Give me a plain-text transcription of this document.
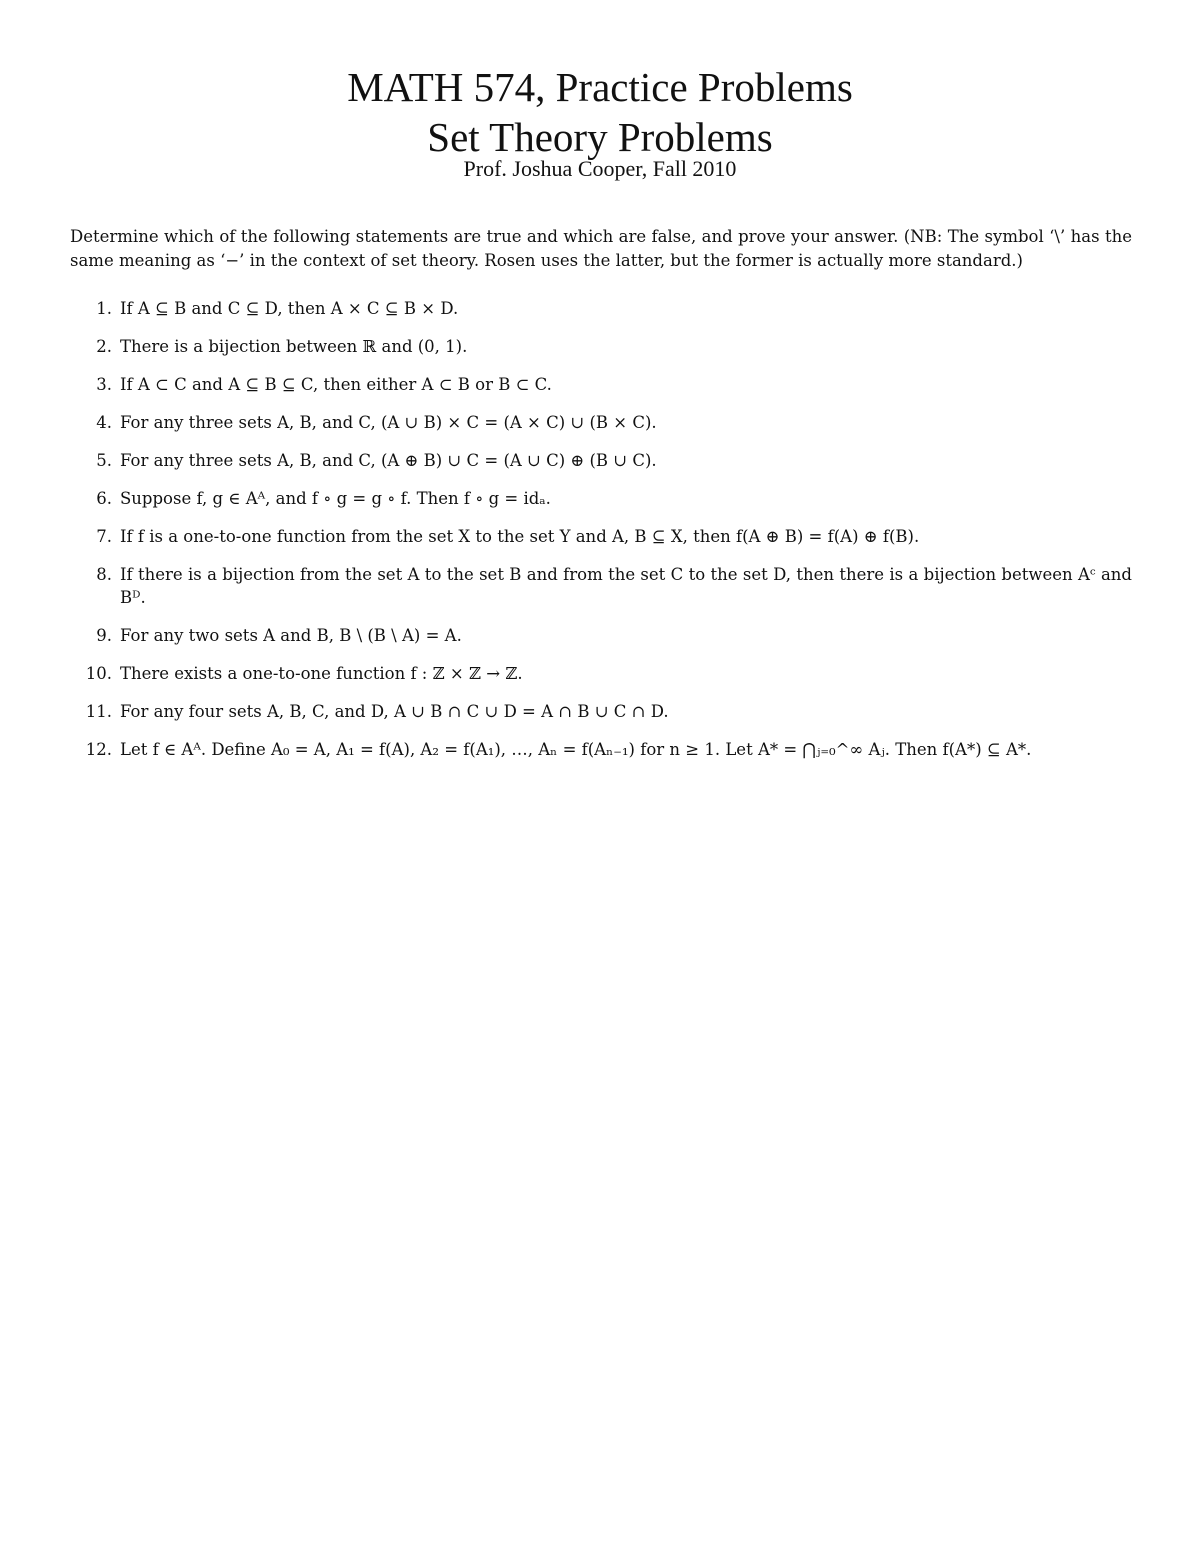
MATH 574, Practice Problems
Set Theory Problems
Prof. Joshua Cooper, Fall 2010

Determine which of the following statements are true and which are false, and prove your answer. (NB: The symbol ‘\’ has the same meaning as ‘−’ in the context of set theory. Rosen uses the latter, but the former is actually more standard.)

1. If A ⊆ B and C ⊆ D, then A × C ⊆ B × D.
2. There is a bijection between ℝ and (0, 1).
3. If A ⊂ C and A ⊆ B ⊆ C, then either A ⊂ B or B ⊂ C.
4. For any three sets A, B, and C, (A ∪ B) × C = (A × C) ∪ (B × C).
5. For any three sets A, B, and C, (A ⊕ B) ∪ C = (A ∪ C) ⊕ (B ∪ C).
6. Suppose f, g ∈ Aᴬ, and f ∘ g = g ∘ f. Then f ∘ g = idₐ.
7. If f is a one-to-one function from the set X to the set Y and A, B ⊆ X, then f(A ⊕ B) = f(A) ⊕ f(B).
8. If there is a bijection from the set A to the set B and from the set C to the set D, then there is a bijection between Aᶜ and Bᴰ.
9. For any two sets A and B, B \ (B \ A) = A.
10. There exists a one-to-one function f : ℤ × ℤ → ℤ.
11. For any four sets A, B, C, and D, A ∪ B ∩ C ∪ D = A ∩ B ∪ C ∩ D.
12. Let f ∈ Aᴬ. Define A₀ = A, A₁ = f(A), A₂ = f(A₁), …, Aₙ = f(Aₙ₋₁) for n ≥ 1. Let A* = ⋂ⱼ₌₀^∞ Aⱼ. Then f(A*) ⊆ A*.
